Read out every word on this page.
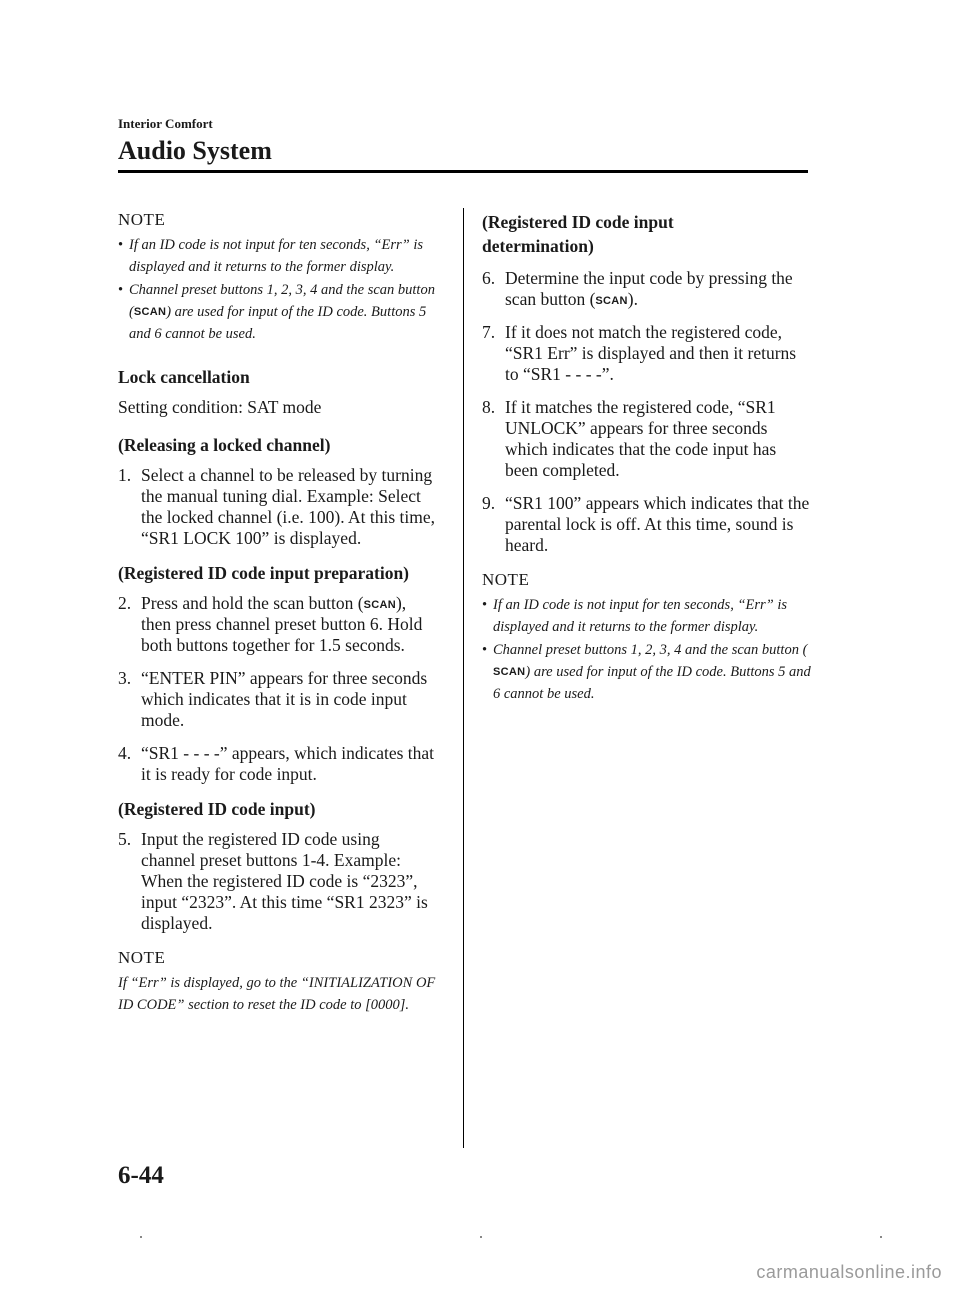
Interior Comfort
Audio System
NOTE
• If an ID code is not input for ten seconds, “Err” is displayed and it returns to the former display.
• Channel preset buttons 1, 2, 3, 4 and the scan button (SCAN) are used for input of the ID code. Buttons 5 and 6 cannot be used.
Lock cancellation

Setting condition: SAT mode

(Releasing a locked channel)
1. Select a channel to be released by turning the manual tuning dial. Example: Select the locked channel (i.e. 100). At this time, “SR1 LOCK 100” is displayed.
(Registered ID code input preparation)
2. Press and hold the scan button (SCAN), then press channel preset button 6. Hold both buttons together for 1.5 seconds.
3. “ENTER PIN” appears for three seconds which indicates that it is in code input mode.
4. “SR1 - - - -” appears, which indicates that it is ready for code input.
(Registered ID code input)
5. Input the registered ID code using channel preset buttons 1-4. Example: When the registered ID code is “2323”, input “2323”. At this time “SR1 2323” is displayed.
NOTE

If “Err” is displayed, go to the “INITIALIZATION OF ID CODE” section to reset the ID code to [0000].

(Registered ID code input determination)
6. Determine the input code by pressing the scan button (SCAN).
7. If it does not match the registered code, “SR1 Err” is displayed and then it returns to “SR1 - - - -”.
8. If it matches the registered code, “SR1 UNLOCK” appears for three seconds which indicates that the code input has been completed.
9. “SR1 100” appears which indicates that the parental lock is off. At this time, sound is heard.
NOTE
• If an ID code is not input for ten seconds, “Err” is displayed and it returns to the former display.
• Channel preset buttons 1, 2, 3, 4 and the scan button (SCAN) are used for input of the ID code. Buttons 5 and 6 cannot be used.
6-44
carmanualsonline.info
